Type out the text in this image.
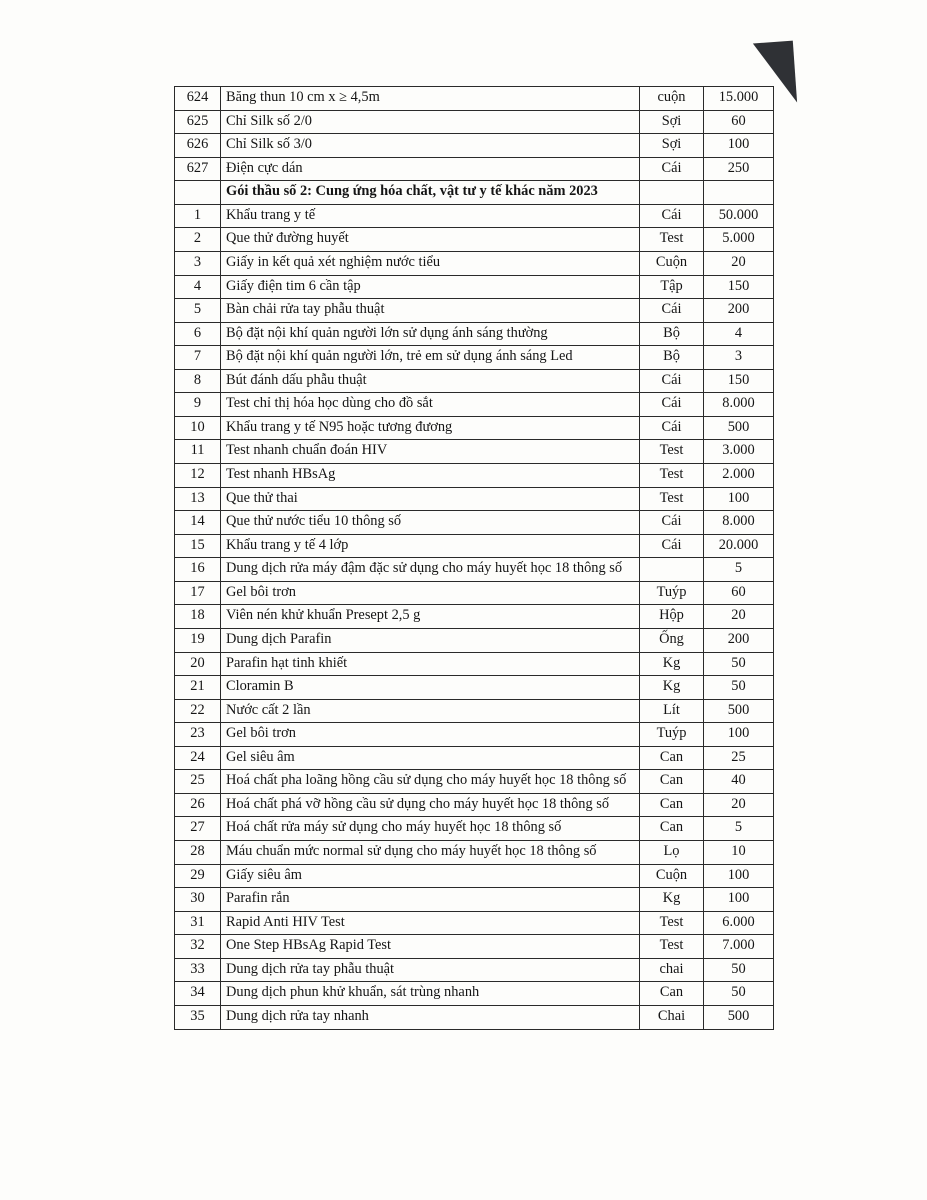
624	Băng thun 10 cm x ≥ 4,5m	cuộn	15.000
625	Chỉ Silk số 2/0	Sợi	60
626	Chỉ Silk số 3/0	Sợi	100
627	Điện cực dán	Cái	250
	Gói thầu số 2: Cung ứng hóa chất, vật tư y tế khác năm 2023		
1	Khẩu trang y tế	Cái	50.000
2	Que thử đường huyết	Test	5.000
3	Giấy in kết quả xét nghiệm nước tiểu	Cuộn	20
4	Giấy điện tim 6 cần tập	Tập	150
5	Bàn chải rửa tay phẫu thuật	Cái	200
6	Bộ đặt nội khí quản người lớn sử dụng ánh sáng thường	Bộ	4
7	Bộ đặt nội khí quản người lớn, trẻ em sử dụng ánh sáng Led	Bộ	3
8	Bút đánh dấu phẫu thuật	Cái	150
9	Test chỉ thị hóa học dùng cho đồ sắt	Cái	8.000
10	Khẩu trang y tế N95 hoặc tương đương	Cái	500
11	Test nhanh chuẩn đoán HIV	Test	3.000
12	Test nhanh HBsAg	Test	2.000
13	Que thử thai	Test	100
14	Que thử nước tiểu 10 thông số	Cái	8.000
15	Khẩu trang y tế 4 lớp	Cái	20.000
16	Dung dịch rửa máy đậm đặc sử dụng cho máy huyết học 18 thông số		5
17	Gel bôi trơn	Tuýp	60
18	Viên nén khử khuẩn Presept 2,5 g	Hộp	20
19	Dung dịch Parafin	Ống	200
20	Parafin hạt tinh khiết	Kg	50
21	Cloramin B	Kg	50
22	Nước cất 2 lần	Lít	500
23	Gel bôi trơn	Tuýp	100
24	Gel siêu âm	Can	25
25	Hoá chất pha loãng hồng cầu sử dụng cho máy huyết học 18 thông số	Can	40
26	Hoá chất phá vỡ hồng cầu sử dụng cho máy huyết học 18 thông số	Can	20
27	Hoá chất rửa máy sử dụng cho máy huyết học 18 thông số	Can	5
28	Máu chuẩn mức normal sử dụng cho máy huyết học 18 thông số	Lọ	10
29	Giấy siêu âm	Cuộn	100
30	Parafin rắn	Kg	100
31	Rapid Anti HIV Test	Test	6.000
32	One Step HBsAg Rapid Test	Test	7.000
33	Dung dịch rửa tay phẫu thuật	chai	50
34	Dung dịch phun khử khuẩn, sát trùng nhanh	Can	50
35	Dung dịch rửa tay nhanh	Chai	500
